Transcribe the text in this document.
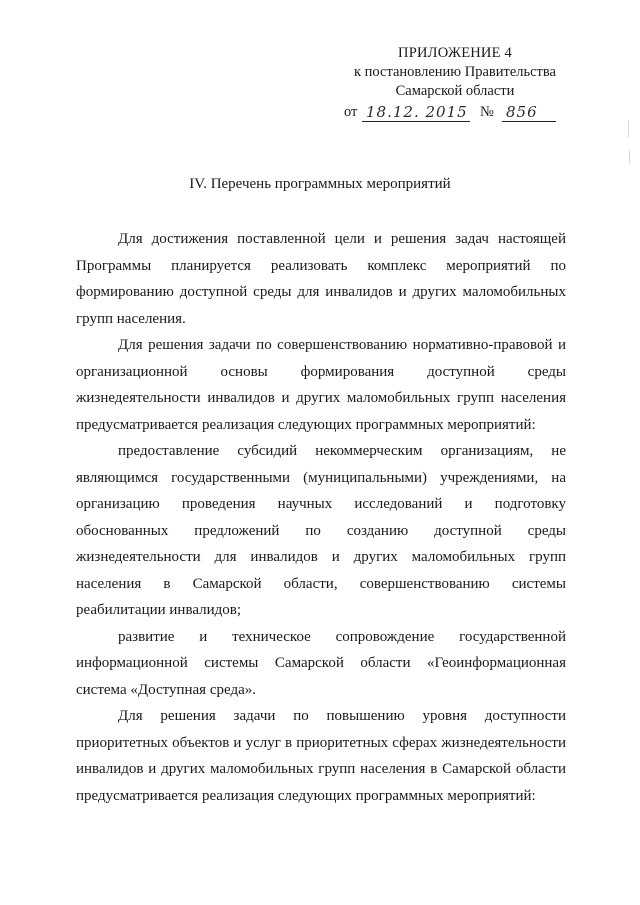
ПРИЛОЖЕНИЕ 4
к постановлению Правительства
Самарской области
от 18.12. 2015 № 856
IV. Перечень программных мероприятий

Для достижения поставленной цели и решения задач настоящей Программы планируется реализовать комплекс мероприятий по формированию доступной среды для инвалидов и других маломобильных групп населения.

Для решения задачи по совершенствованию нормативно-правовой и организационной основы формирования доступной среды жизнедеятельности инвалидов и других маломобильных групп населения предусматривается реализация следующих программных мероприятий:

предоставление субсидий некоммерческим организациям, не являющимся государственными (муниципальными) учреждениями, на организацию проведения научных исследований и подготовку обоснованных предложений по созданию доступной среды жизнедеятельности для инвалидов и других маломобильных групп населения в Самарской области, совершенствованию системы реабилитации инвалидов;

развитие и техническое сопровождение государственной информационной системы Самарской области «Геоинформационная система «Доступная среда».

Для решения задачи по повышению уровня доступности приоритетных объектов и услуг в приоритетных сферах жизнедеятельности инвалидов и других маломобильных групп населения в Самарской области предусматривается реализация следующих программных мероприятий:
